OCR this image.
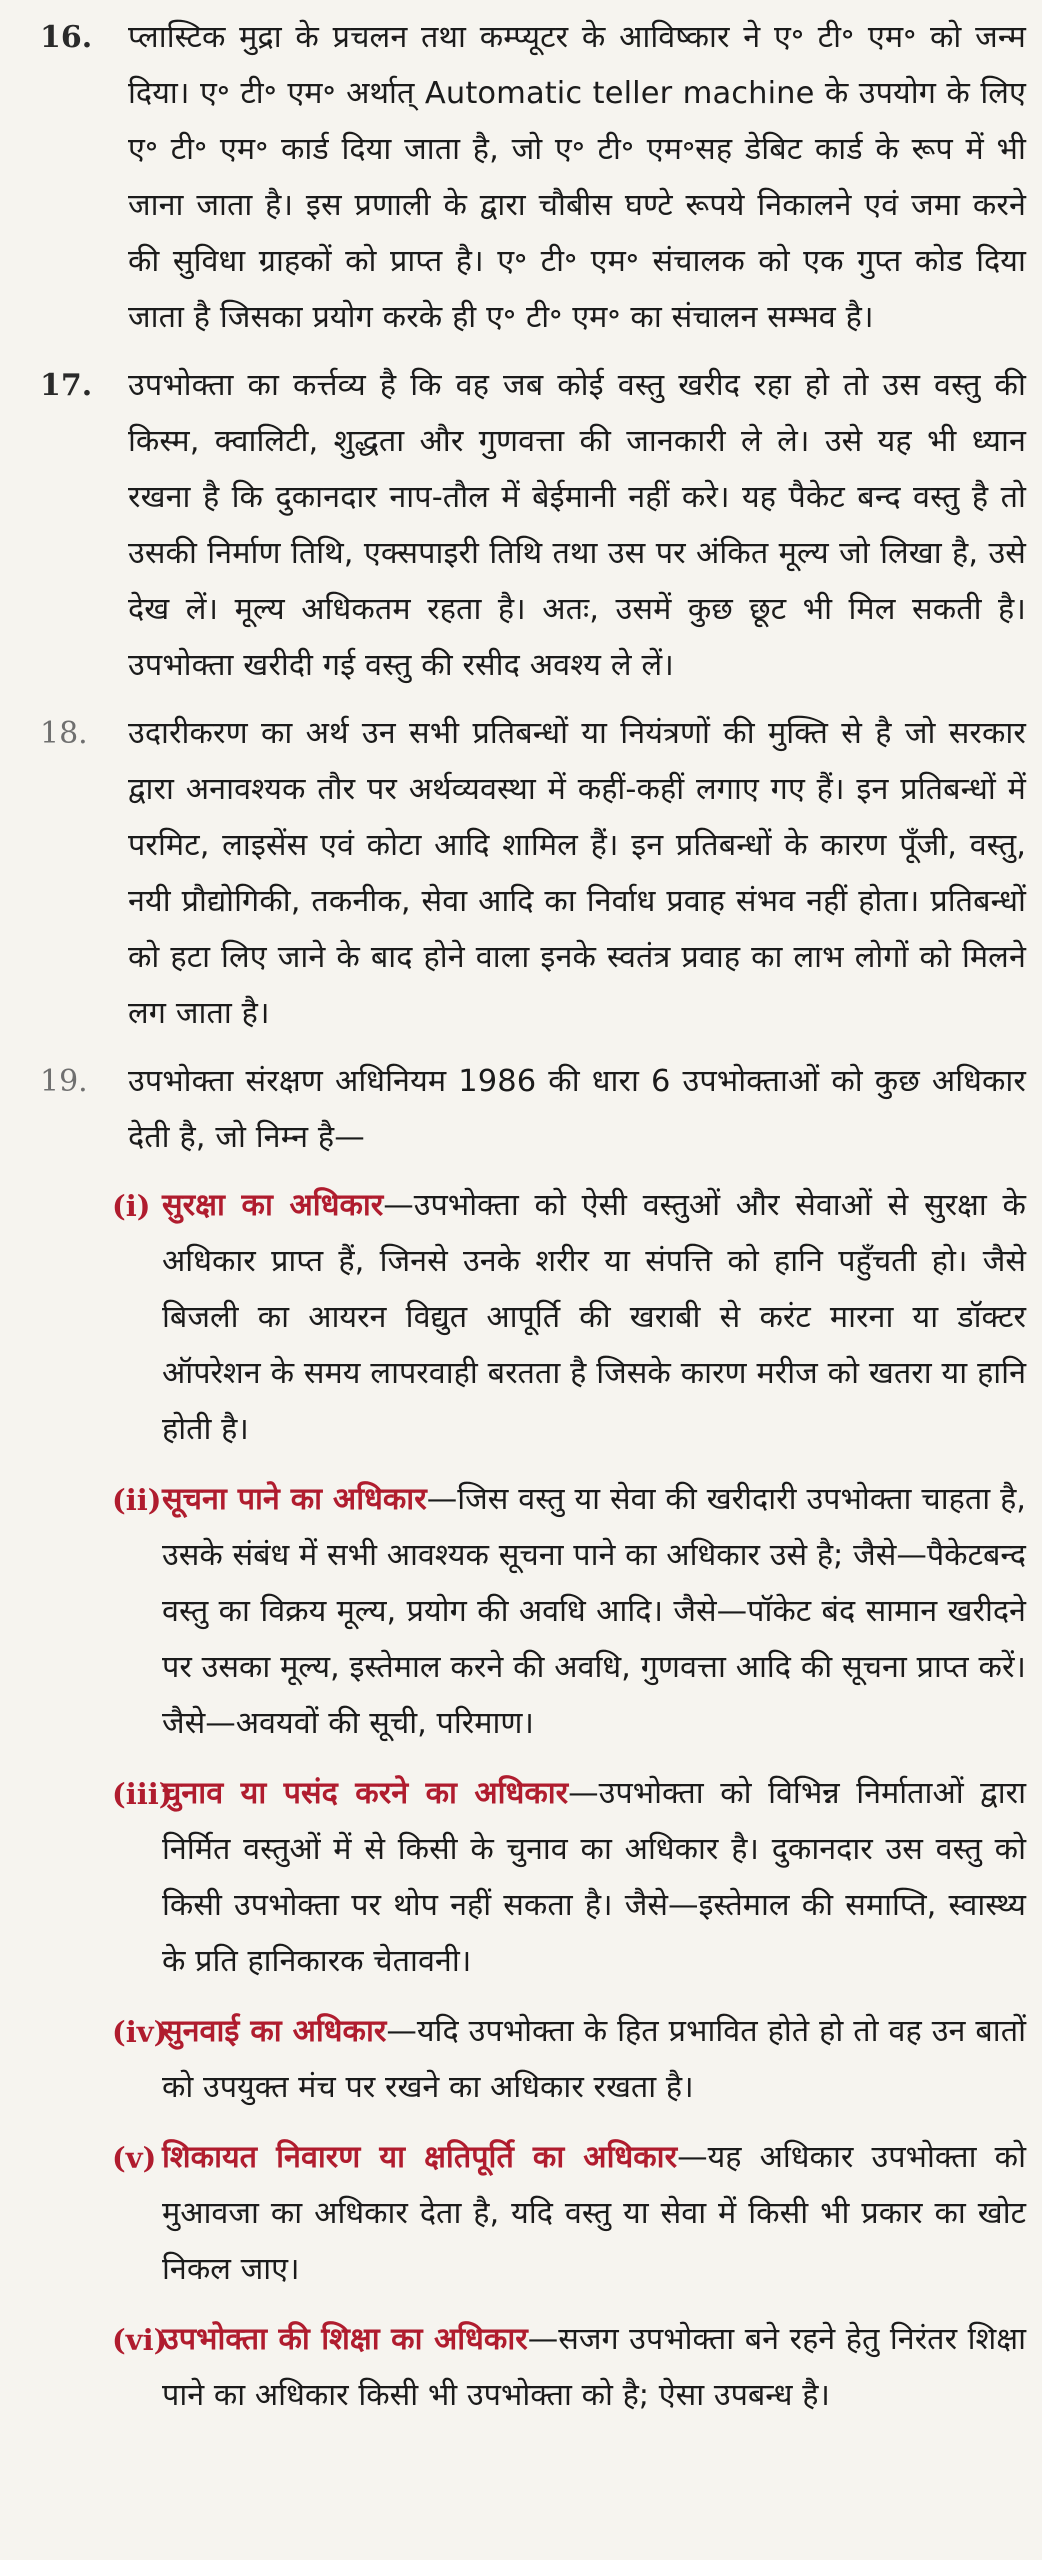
16.	प्लास्टिक मुद्रा के प्रचलन तथा कम्प्यूटर के आविष्कार ने ए॰ टी॰ एम॰ को जन्म दिया। ए॰ टी॰ एम॰ अर्थात् Automatic teller machine के उपयोग के लिए ए॰ टी॰ एम॰ कार्ड दिया जाता है, जो ए॰ टी॰ एम॰सह डेबिट कार्ड के रूप में भी जाना जाता है। इस प्रणाली के द्वारा चौबीस घण्टे रूपये निकालने एवं जमा करने की सुविधा ग्राहकों को प्राप्त है। ए॰ टी॰ एम॰ संचालक को एक गुप्त कोड दिया जाता है जिसका प्रयोग करके ही ए॰ टी॰ एम॰ का संचालन सम्भव है।
17.	उपभोक्ता का कर्त्तव्य है कि वह जब कोई वस्तु खरीद रहा हो तो उस वस्तु की किस्म, क्वालिटी, शुद्धता और गुणवत्ता की जानकारी ले ले। उसे यह भी ध्यान रखना है कि दुकानदार नाप-तौल में बेईमानी नहीं करे। यह पैकेट बन्द वस्तु है तो उसकी निर्माण तिथि, एक्सपाइरी तिथि तथा उस पर अंकित मूल्य जो लिखा है, उसे देख लें। मूल्य अधिकतम रहता है। अतः, उसमें कुछ छूट भी मिल सकती है। उपभोक्ता खरीदी गई वस्तु की रसीद अवश्य ले लें।
18.	उदारीकरण का अर्थ उन सभी प्रतिबन्धों या नियंत्रणों की मुक्ति से है जो सरकार द्वारा अनावश्यक तौर पर अर्थव्यवस्था में कहीं-कहीं लगाए गए हैं। इन प्रतिबन्धों में परमिट, लाइसेंस एवं कोटा आदि शामिल हैं। इन प्रतिबन्धों के कारण पूँजी, वस्तु, नयी प्रौद्योगिकी, तकनीक, सेवा आदि का निर्वाध प्रवाह संभव नहीं होता। प्रतिबन्धों को हटा लिए जाने के बाद होने वाला इनके स्वतंत्र प्रवाह का लाभ लोगों को मिलने लग जाता है।
19.	उपभोक्ता संरक्षण अधिनियम 1986 की धारा 6 उपभोक्ताओं को कुछ अधिकार देती है, जो निम्न है—
(i) सुरक्षा का अधिकार—उपभोक्ता को ऐसी वस्तुओं और सेवाओं से सुरक्षा के अधिकार प्राप्त हैं, जिनसे उनके शरीर या संपत्ति को हानि पहुँचती हो। जैसे बिजली का आयरन विद्युत आपूर्ति की खराबी से करंट मारना या डॉक्टर ऑपरेशन के समय लापरवाही बरतता है जिसके कारण मरीज को खतरा या हानि होती है।
(ii) सूचना पाने का अधिकार—जिस वस्तु या सेवा की खरीदारी उपभोक्ता चाहता है, उसके संबंध में सभी आवश्यक सूचना पाने का अधिकार उसे है; जैसे—पैकेटबन्द वस्तु का विक्रय मूल्य, प्रयोग की अवधि आदि। जैसे—पॉकेट बंद सामान खरीदने पर उसका मूल्य, इस्तेमाल करने की अवधि, गुणवत्ता आदि की सूचना प्राप्त करें। जैसे—अवयवों की सूची, परिमाण।
(iii)
चुनाव या पसंद करने का अधिकार—उपभोक्ता को विभिन्न निर्माताओं द्वारा निर्मित वस्तुओं में से किसी के चुनाव का अधिकार है। दुकानदार उस वस्तु को किसी उपभोक्ता पर थोप नहीं सकता है। जैसे—इस्तेमाल की समाप्ति, स्वास्थ्य के प्रति हानिकारक चेतावनी।
(iv)
सुनवाई का अधिकार—यदि उपभोक्ता के हित प्रभावित होते हो तो वह उन बातों को उपयुक्त मंच पर रखने का अधिकार रखता है।
(v) शिकायत निवारण या क्षतिपूर्ति का अधिकार—यह अधिकार उपभोक्ता को मुआवजा का अधिकार देता है, यदि वस्तु या सेवा में किसी भी प्रकार का खोट निकल जाए।
(vi)
उपभोक्ता की शिक्षा का अधिकार—सजग उपभोक्ता बने रहने हेतु निरंतर शिक्षा पाने का अधिकार किसी भी उपभोक्ता को है; ऐसा उपबन्ध है।
